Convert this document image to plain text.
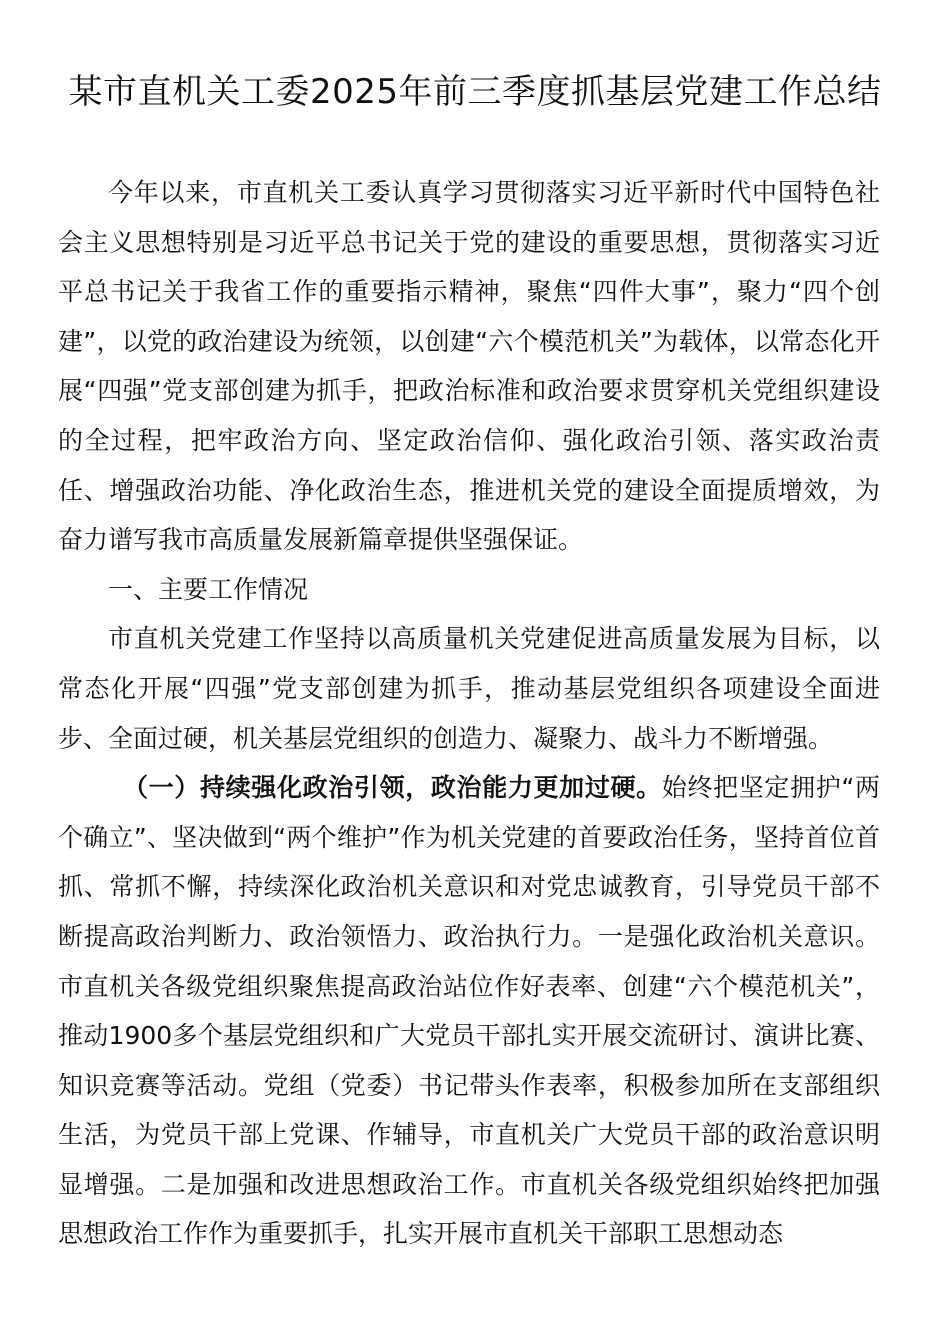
某市直机关工委2025年前三季度抓基层党建工作总结

今年以来，市直机关工委认真学习贯彻落实习近平新时代中国特色社会主义思想特别是习近平总书记关于党的建设的重要思想，贯彻落实习近平总书记关于我省工作的重要指示精神，聚焦“四件大事”，聚力“四个创建”，以党的政治建设为统领，以创建“六个模范机关”为载体，以常态化开展“四强”党支部创建为抓手，把政治标准和政治要求贯穿机关党组织建设的全过程，把牢政治方向、坚定政治信仰、强化政治引领、落实政治责任、增强政治功能、净化政治生态，推进机关党的建设全面提质增效，为奋力谱写我市高质量发展新篇章提供坚强保证。

一、主要工作情况

市直机关党建工作坚持以高质量机关党建促进高质量发展为目标，以常态化开展“四强”党支部创建为抓手，推动基层党组织各项建设全面进步、全面过硬，机关基层党组织的创造力、凝聚力、战斗力不断增强。

（一）持续强化政治引领，政治能力更加过硬。始终把坚定拥护“两个确立”、坚决做到“两个维护”作为机关党建的首要政治任务，坚持首位首抓、常抓不懈，持续深化政治机关意识和对党忠诚教育，引导党员干部不断提高政治判断力、政治领悟力、政治执行力。一是强化政治机关意识。市直机关各级党组织聚焦提高政治站位作好表率、创建“六个模范机关”，推动1900多个基层党组织和广大党员干部扎实开展交流研讨、演讲比赛、知识竞赛等活动。党组（党委）书记带头作表率，积极参加所在支部组织生活，为党员干部上党课、作辅导，市直机关广大党员干部的政治意识明显增强。二是加强和改进思想政治工作。市直机关各级党组织始终把加强思想政治工作作为重要抓手，扎实开展市直机关干部职工思想动态
